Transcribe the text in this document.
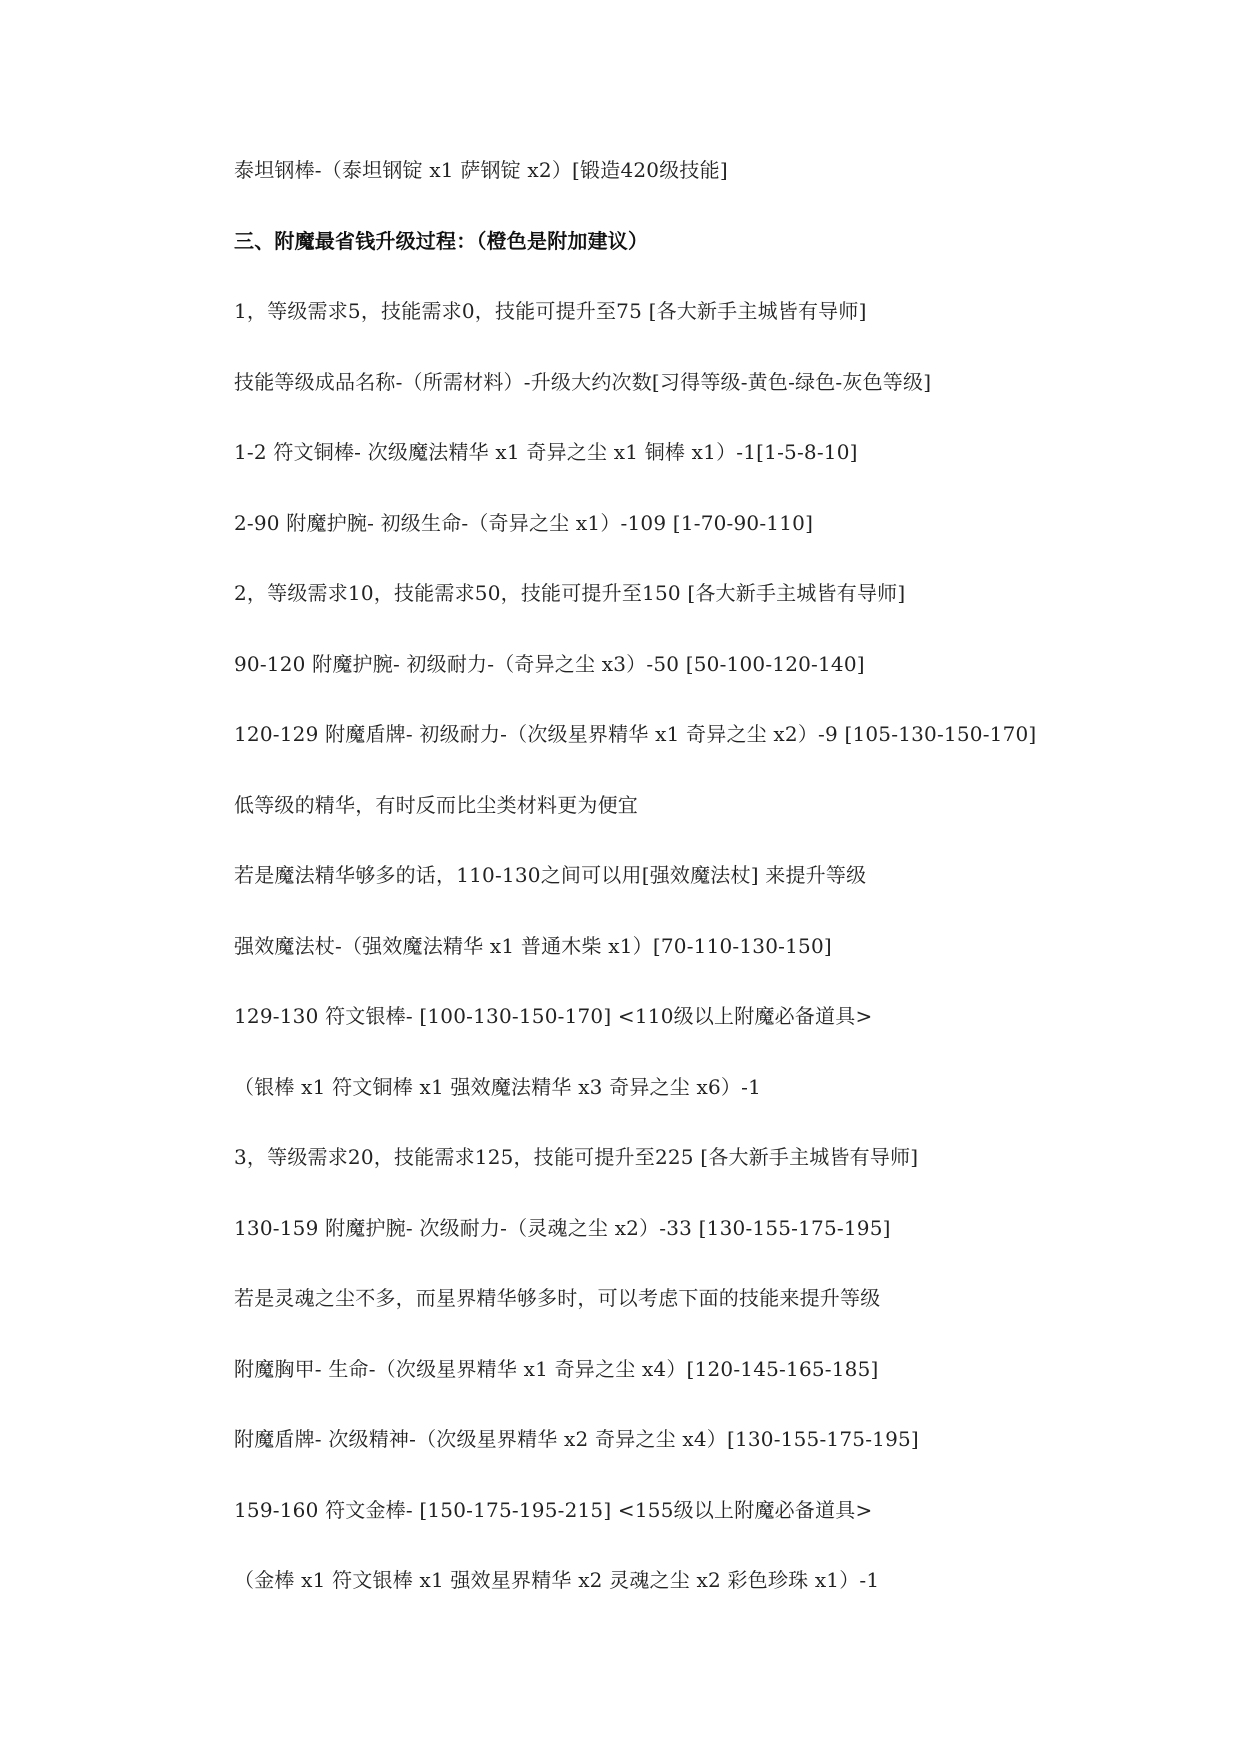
泰坦钢棒-（泰坦钢锭 x1 萨钢锭 x2）[锻造420级技能]
三、附魔最省钱升级过程：（橙色是附加建议）
1，等级需求5，技能需求0，技能可提升至75 [各大新手主城皆有导师]
技能等级成品名称-（所需材料）-升级大约次数[习得等级-黄色-绿色-灰色等级]
1-2 符文铜棒- 次级魔法精华 x1 奇异之尘 x1 铜棒 x1）-1[1-5-8-10]
2-90 附魔护腕- 初级生命-（奇异之尘 x1）-109 [1-70-90-110]
2，等级需求10，技能需求50，技能可提升至150 [各大新手主城皆有导师]
90-120 附魔护腕- 初级耐力-（奇异之尘 x3）-50 [50-100-120-140]
120-129 附魔盾牌- 初级耐力-（次级星界精华 x1 奇异之尘 x2）-9 [105-130-150-170]
低等级的精华，有时反而比尘类材料更为便宜
若是魔法精华够多的话，110-130之间可以用[强效魔法杖] 来提升等级
强效魔法杖-（强效魔法精华 x1 普通木柴 x1）[70-110-130-150]
129-130 符文银棒- [100-130-150-170] <110级以上附魔必备道具>
（银棒 x1 符文铜棒 x1 强效魔法精华 x3 奇异之尘 x6）-1
3，等级需求20，技能需求125，技能可提升至225 [各大新手主城皆有导师]
130-159 附魔护腕- 次级耐力-（灵魂之尘 x2）-33 [130-155-175-195]
若是灵魂之尘不多，而星界精华够多时，可以考虑下面的技能来提升等级
附魔胸甲- 生命-（次级星界精华 x1 奇异之尘 x4）[120-145-165-185]
附魔盾牌- 次级精神-（次级星界精华 x2 奇异之尘 x4）[130-155-175-195]
159-160 符文金棒- [150-175-195-215] <155级以上附魔必备道具>
（金棒 x1 符文银棒 x1 强效星界精华 x2 灵魂之尘 x2 彩色珍珠 x1）-1
